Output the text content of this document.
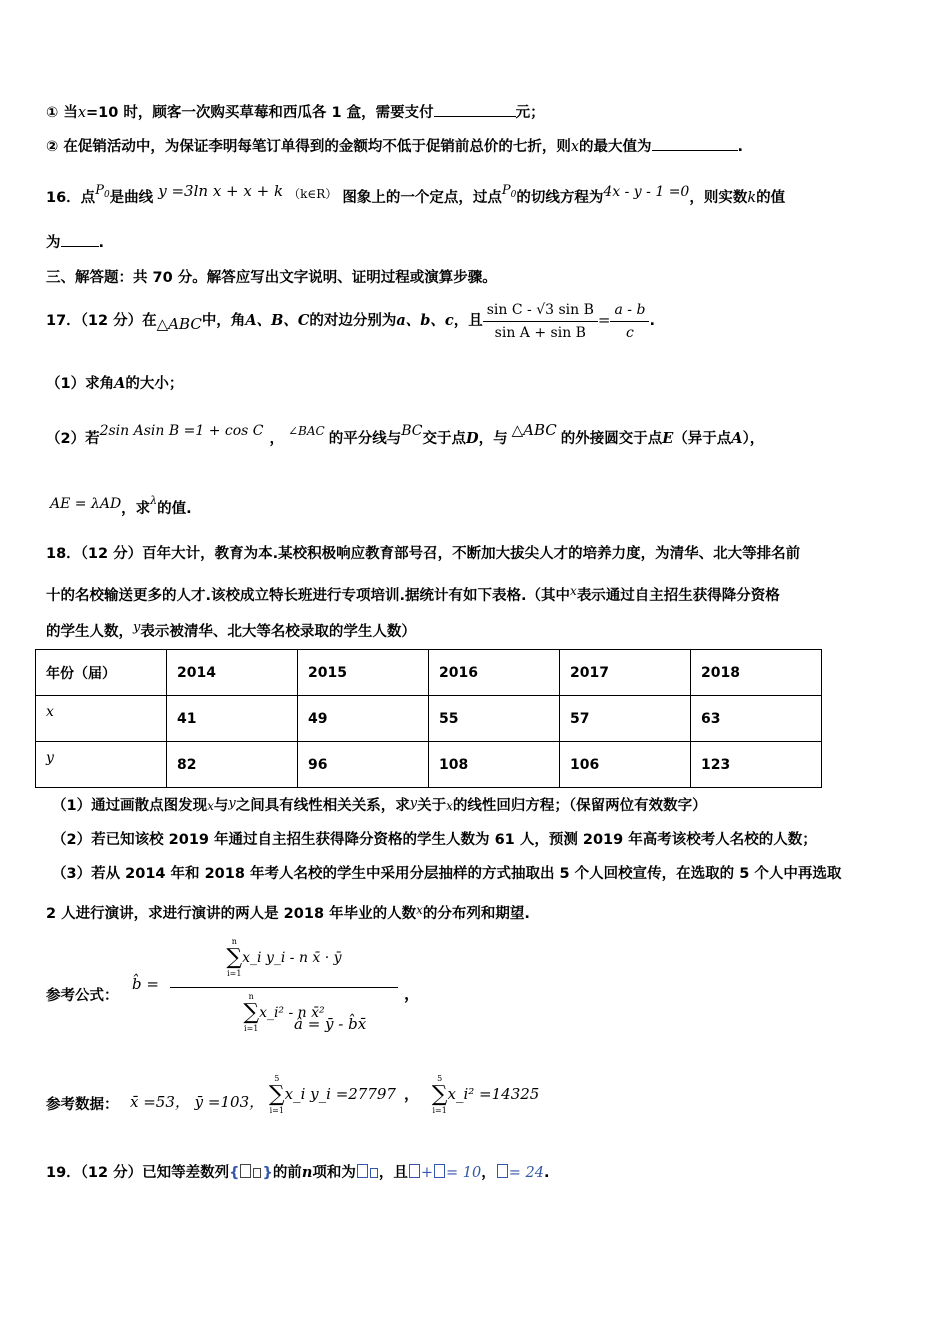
① 当x=10 时，顾客一次购买草莓和西瓜各 1 盒，需要支付	元；
② 在促销活动中，为保证李明每笔订单得到的金额均不低于促销前总价的七折，则x的最大值为	.
16．点$P_0$是曲线 y =3ln x + x + k $^{(k\in R)}$ 图象上的一个定点，过点$P_0$的切线方程为4x - y - 1 =0，则实数k的值
为	.
三、解答题：共 70 分。解答应写出文字说明、证明过程或演算步骤。
17．（12 分）在△ABC中，角A、B、C的对边分别为a、b、c，且 $\frac{\text{sin C - √3 sin B}}{\text{sin A + sin B}} = \frac{a - b}{c}$ .
（1）求角A的大小；
（2）若2sin Asin B =1 + cos C ， $^{\angle BAC}$ 的平分线与BC交于点D，与 △ABC 的外接圆交于点E（异于点A），
AE = λAD，求$^\lambda$的值.
18．（12 分）百年大计，教育为本.某校积极响应教育部号召，不断加大拔尖人才的培养力度，为清华、北大等排名前
十的名校输送更多的人才.该校成立特长班进行专项培训.据统计有如下表格.（其中$^x$表示通过自主招生获得降分资格
的学生人数，y表示被清华、北大等名校录取的学生人数）
年份（届）	2014	2015	2016	2017	2018
x	41	49	55	57	63
y	82	96	108	106	123
（1）通过画散点图发现x与y之间具有线性相关关系，求y关于x的线性回归方程；（保留两位有效数字）
（2）若已知该校 2019 年通过自主招生获得降分资格的学生人数为 61 人，预测 2019 年高考该校考人名校的人数；
（3）若从 2014 年和 2018 年考人名校的学生中采用分层抽样的方式抽取出 5 个人回校宣传，在选取的 5 个人中再选取
2 人进行演讲，求进行演讲的两人是 2018 年毕业的人数$^x$的分布列和期望.
参考公式：
b̂ =
n
∑
i=1
x_i y_i - n x̄ · ȳ
n
∑
i=1
x_i² - n x̄²
，
â = ȳ - b̂x̄
参考数据： x̄ =53， ȳ =103，
5
∑
i=1
x_i y_i =27797 ，
5
∑
i=1
x_i² =14325
19．（12 分）已知等差数列{ }的前n项和为 ，且 + = 10， = 24.
